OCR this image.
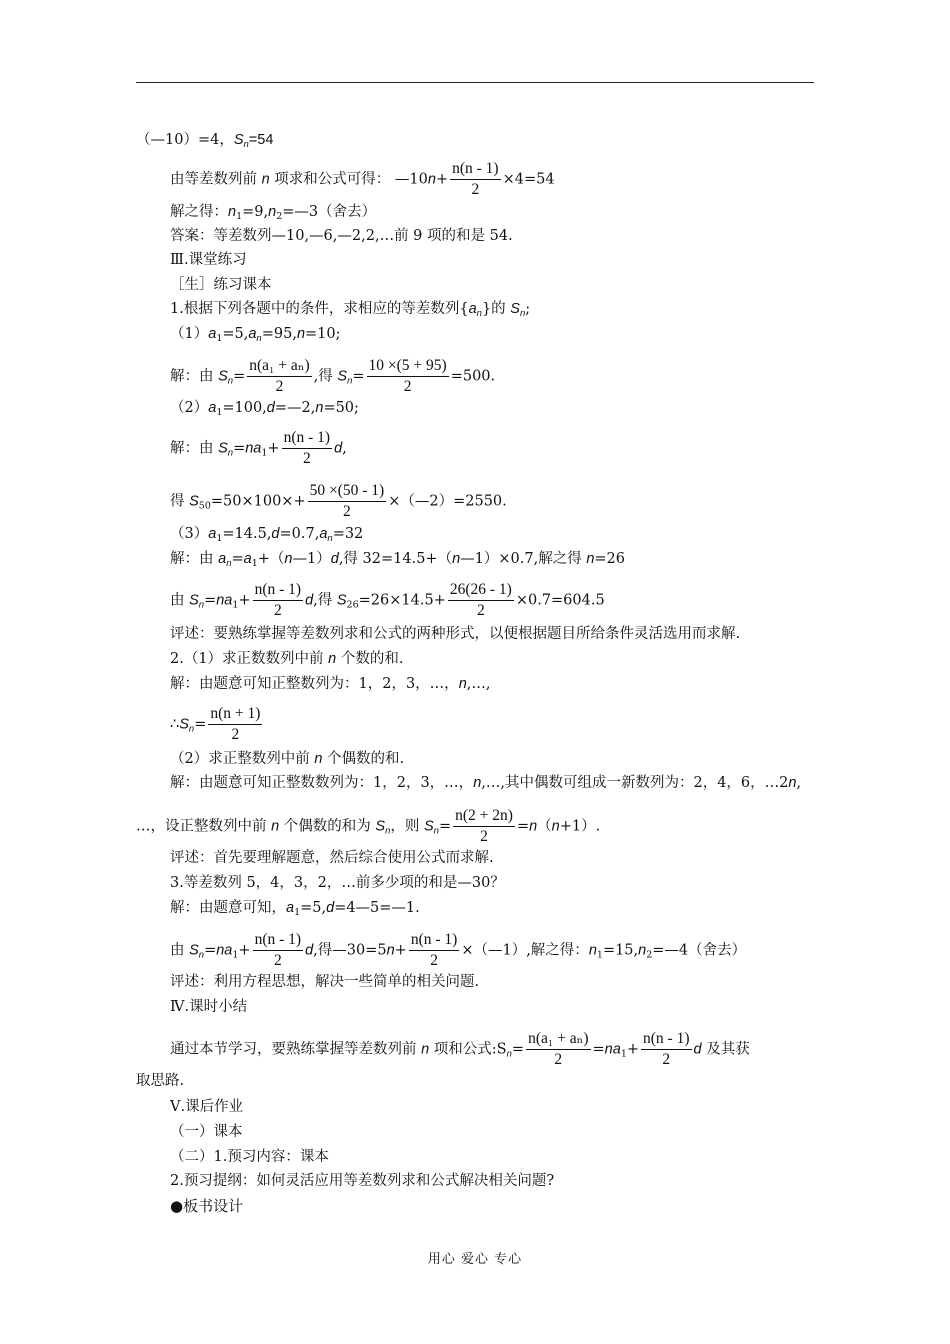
（—10）=4，$S_n=54$
由等差数列前 n 项求和公式可得： —10n+ $\frac{n(n - 1)}{2} \times 4=54$
解之得：$n_1=9,n_2=—3$（舍去）
答案：等差数列—10,—6,—2,2,…前 9 项的和是 54.
Ⅲ.课堂练习
［生］练习课本
1.根据下列各题中的条件，求相应的等差数列$\{a_n\}$的 $S_n$;
$(1)a_1=5,a_n=95,n=10$;
解：由 $S_n= \frac{\text{n(a₁ + aₙ)}}{2}$ ,得 $S_n= \frac{10 \times(5 + 95)}{2} =500$.
$(2)a_1=100,d=—2,n=50$;
解：由 $S_n=na_1+ \frac{n(n - 1)}{2} d$,
得 $S_{50}=50\times 100\times+ \frac{50 \times(50 - 1)}{2}$ ×（—2）=2550.
$(3)a_1=14.5,d=0.7,a_n=32$
解：由 $a_n=a_1+(n—1)d$,得 32=14.5+（n—1）×0.7,解之得 n=26
由 $S_n=na_1+ \frac{n(n - 1)}{2} d$,得 $S_{26}=26\times 14.5+ \frac{26(26 - 1)}{2} \times 0.7=604.5$
评述：要熟练掌握等差数列求和公式的两种形式，以便根据题目所给条件灵活选用而求解.
2.（1）求正数数列中前 n 个数的和.
解：由题意可知正整数列为：1，2，3，…，n,…,
$\therefore S_n= \frac{n(n + 1)}{2}$
（2）求正整数列中前 n 个偶数的和.
解：由题意可知正整数数列为：1，2，3，…，n,…,其中偶数可组成一新数列为：2，4，6，…2n,
…，设正整数列中前 n 个偶数的和为 $S_n$，则 $S_n= \frac{n(2 + 2n)}{2} =n(n+1)$.
评述：首先要理解题意，然后综合使用公式而求解.
3.等差数列 5，4，3，2，…前多少项的和是—30？
解：由题意可知，$a_1=5,d=4—5=—1$.
由 $S_n=na_1+ \frac{n(n - 1)}{2} d$,得—30=5n+ $\frac{n(n - 1)}{2}$ ×（—1）,解之得：$n_1=15,n_2=—4$（舍去）
评述：利用方程思想，解决一些简单的相关问题.
Ⅳ.课时小结
通过本节学习，要熟练掌握等差数列前 n 项和公式$:S_n= \frac{\text{n(a₁ + aₙ)}}{2} =na_1+ \frac{n(n - 1)}{2}$ d 及其获
取思路.
Ⅴ.课后作业
（一）课本
（二）1.预习内容：课本
2.预习提纲：如何灵活应用等差数列求和公式解决相关问题?
●板书设计
用心 爱心 专心
